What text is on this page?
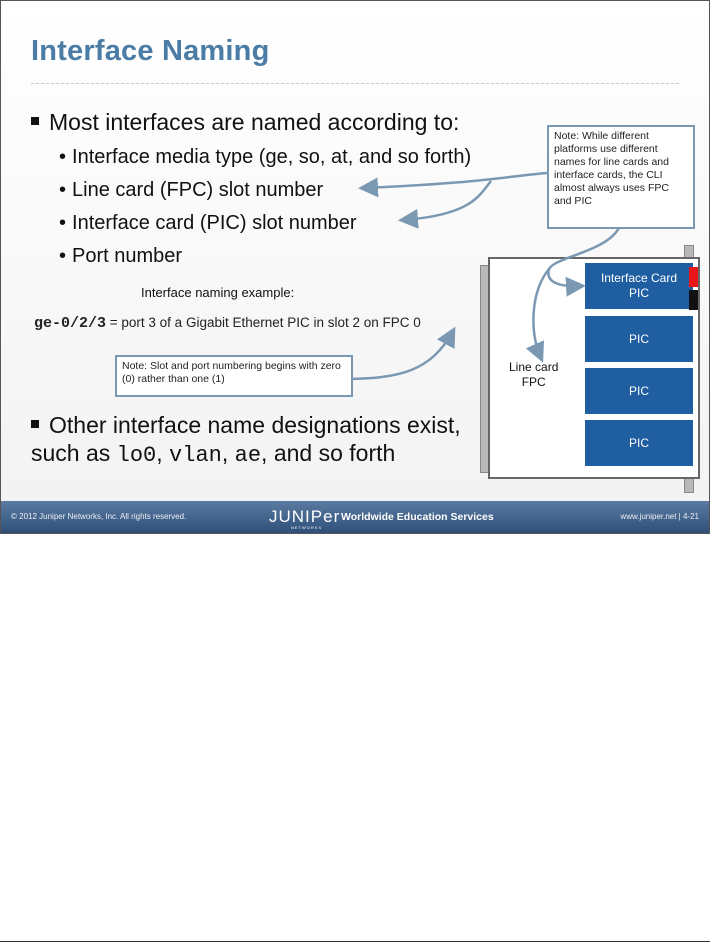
Interface Naming
Most interfaces are named according to:
• Interface media type (ge, so, at, and so forth)
• Line card (FPC) slot number
• Interface card (PIC) slot number
• Port number
Interface naming example:
ge-0/2/3 = port 3 of a Gigabit Ethernet PIC in slot 2 on FPC 0
Interface Card
PIC
PIC
PIC
PIC
Line card
FPC
Note: While different platforms use different names for line cards and interface cards, the CLI almost always uses FPC and PIC
Note: Slot and port numbering begins with zero (0) rather than one (1)
Other interface name designations exist, such as lo0, vlan, ae, and so forth
© 2012 Juniper Networks, Inc. All rights reserved.	JUNIPer
NETWORKS
Worldwide Education Services	www.juniper.net | 4-21
